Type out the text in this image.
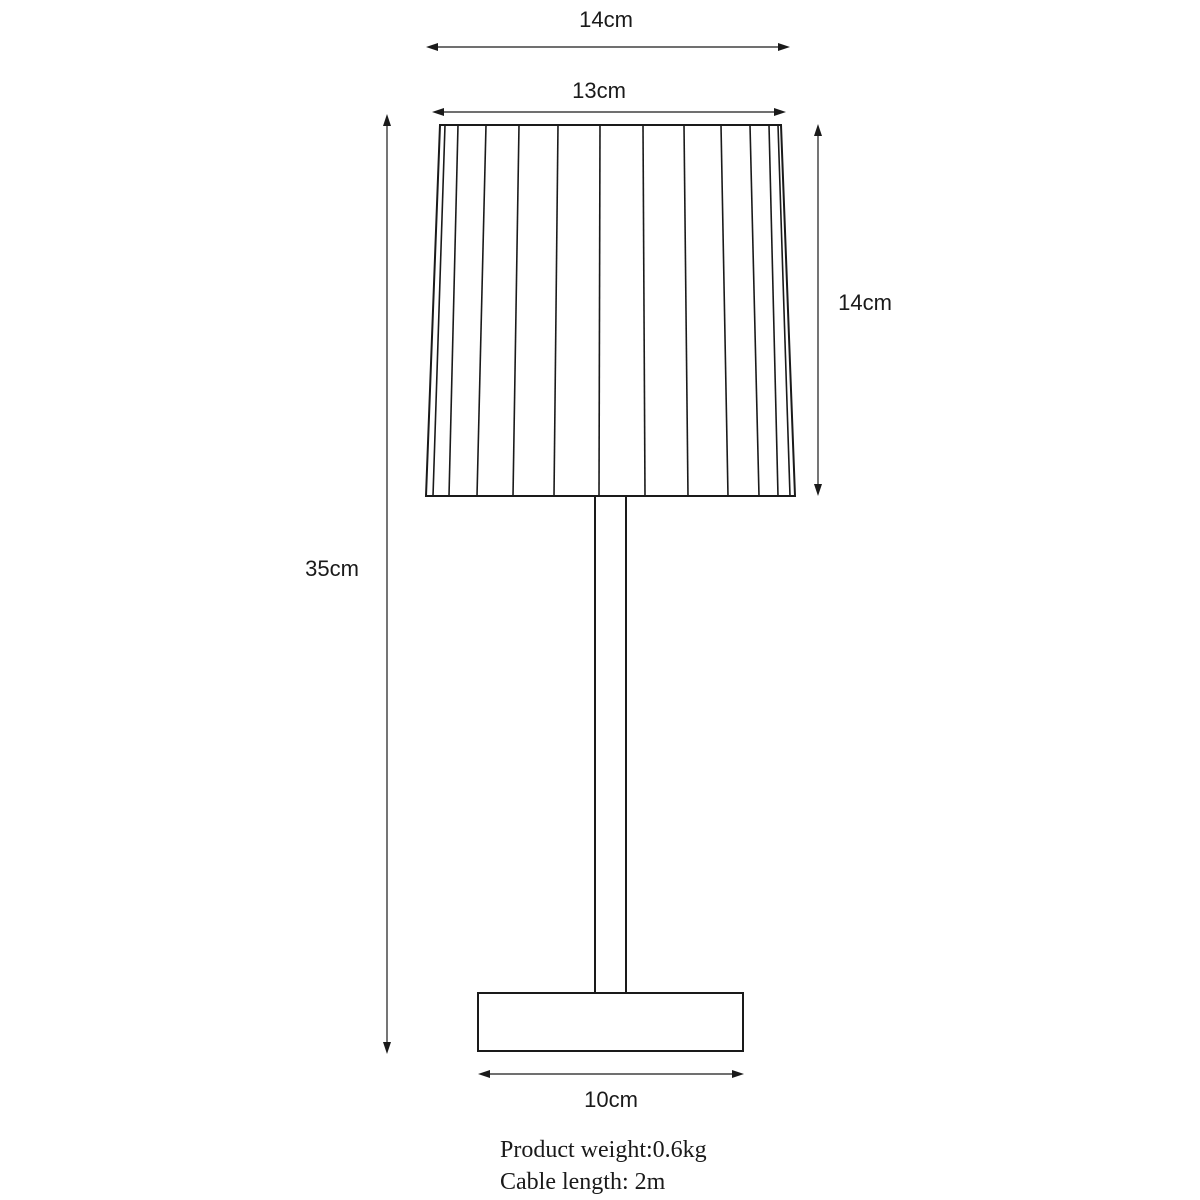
14cm
13cm
35cm
14cm
10cm
Product weight:0.6kg
Cable length: 2m
